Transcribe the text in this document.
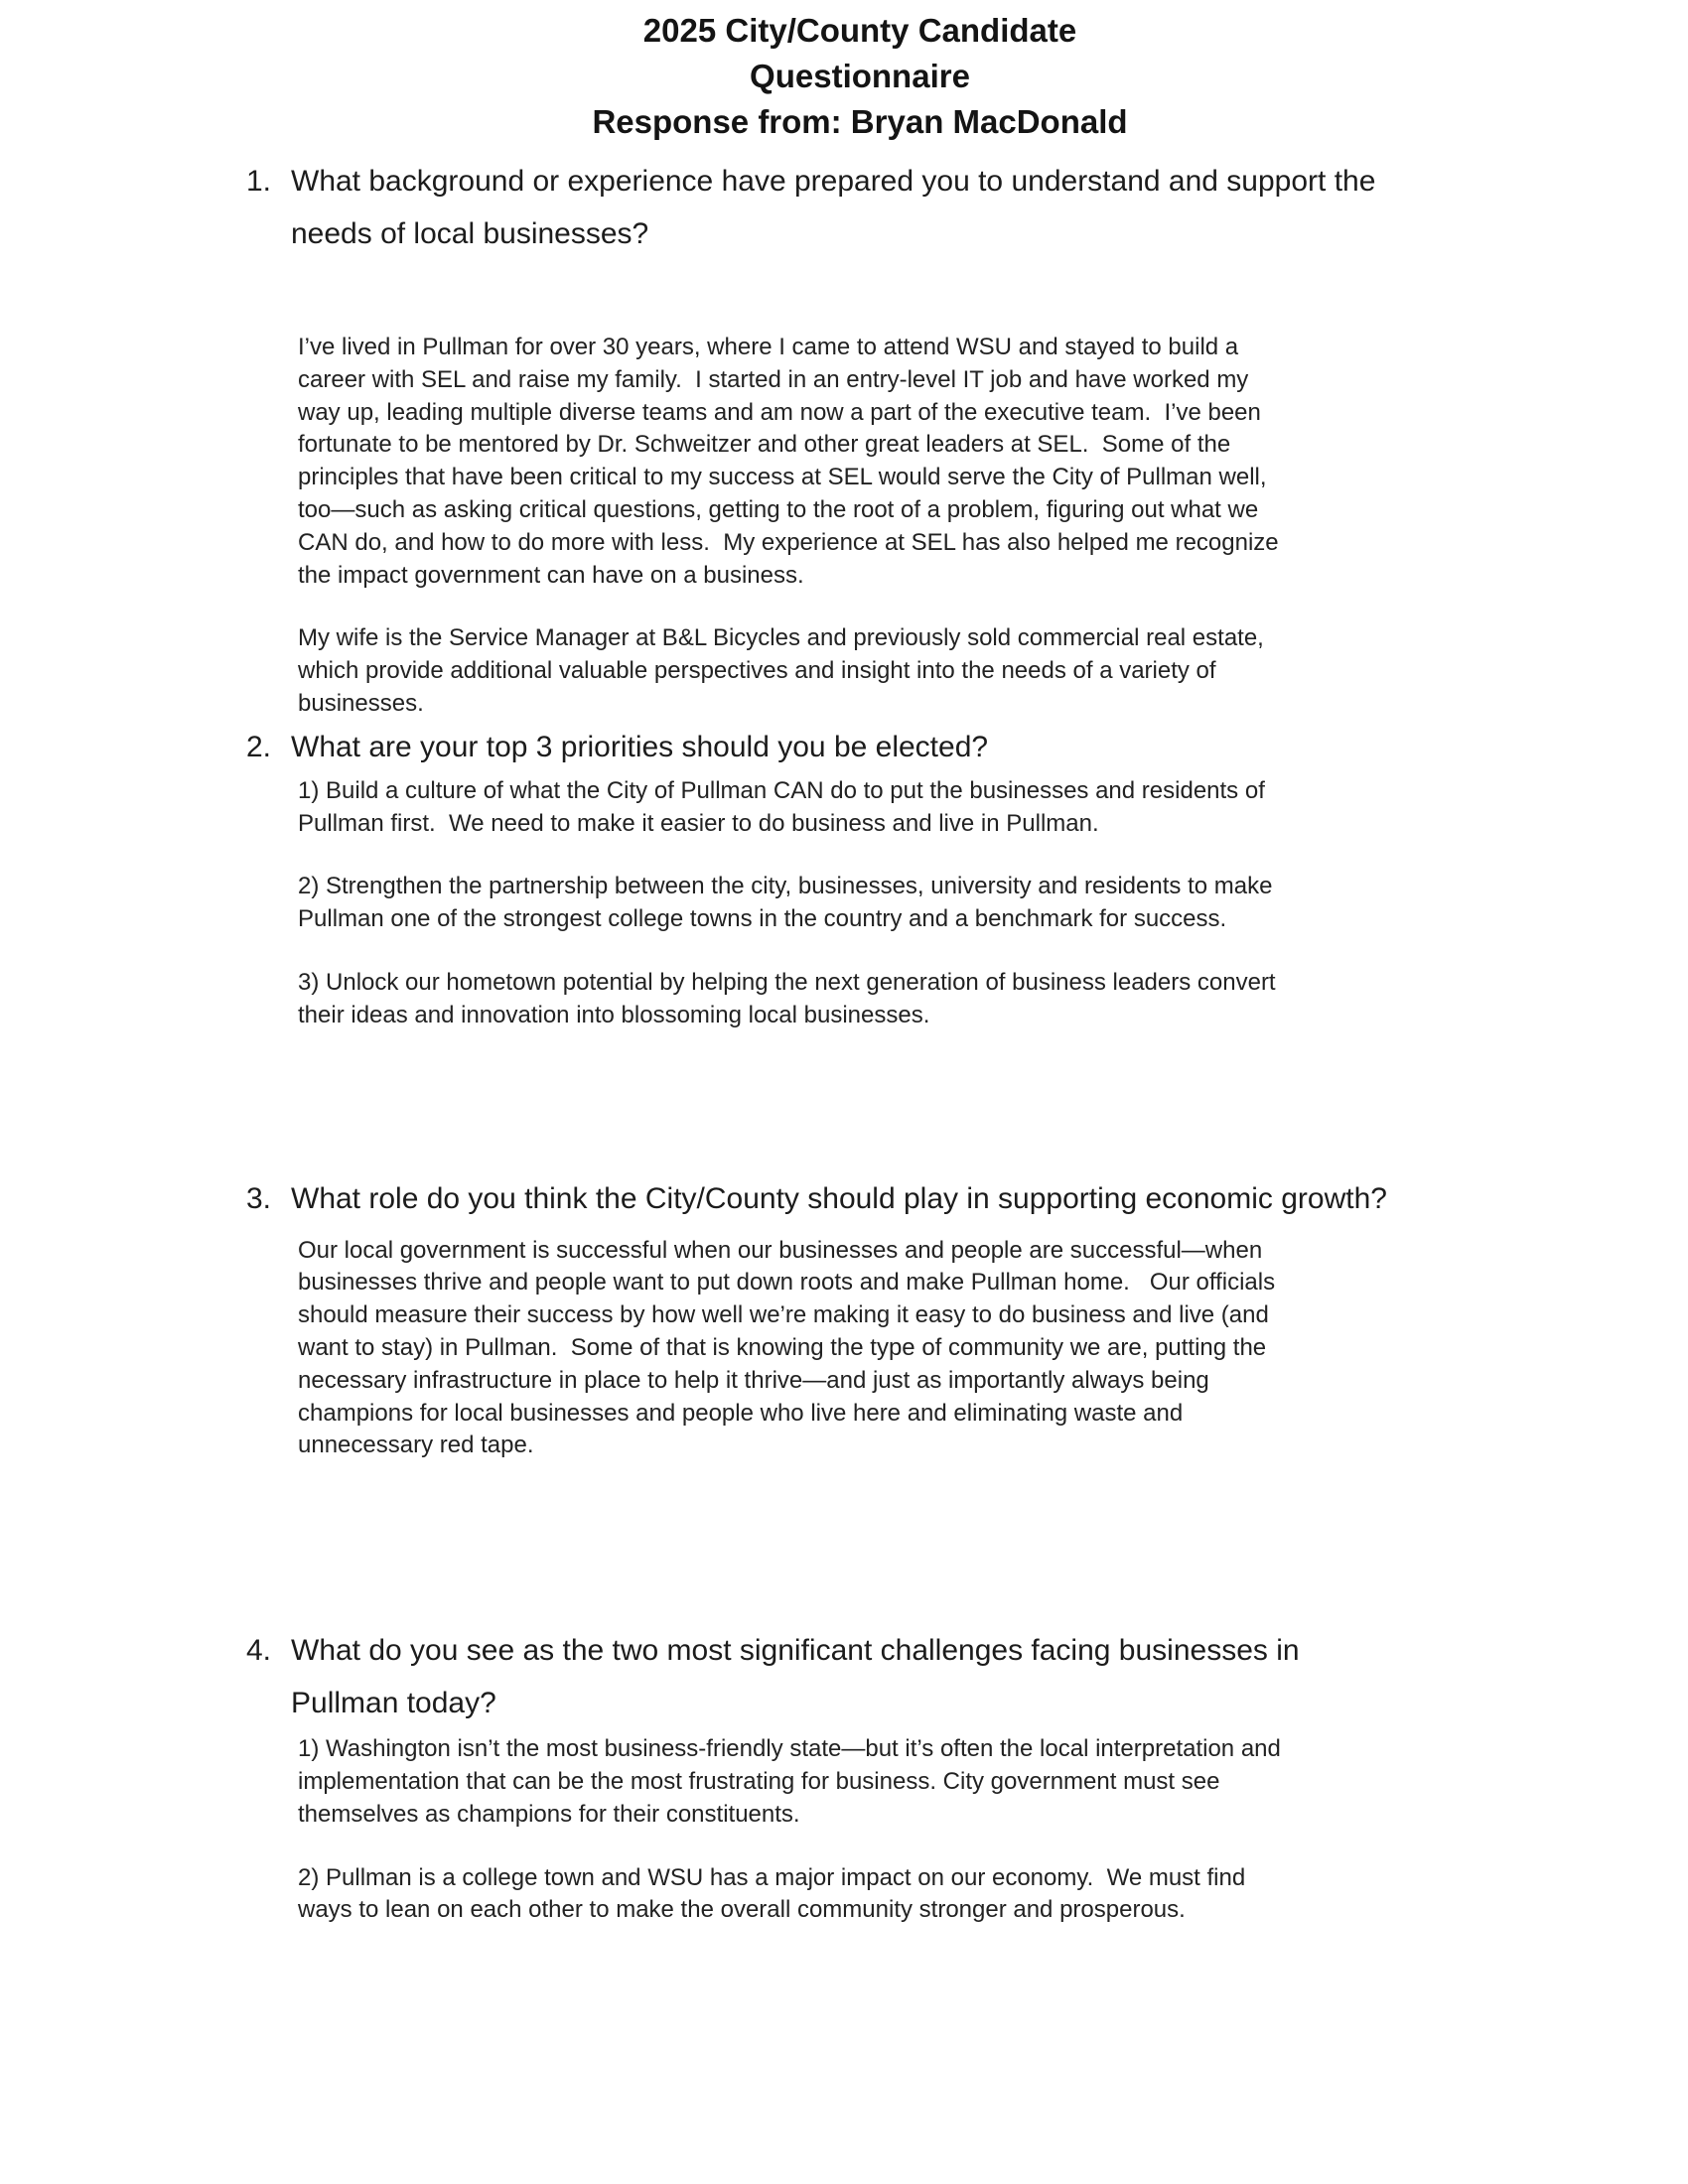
2025 City/County Candidate
Questionnaire
Response from: Bryan MacDonald
1. What background or experience have prepared you to understand and support the
needs of local businesses?
I’ve lived in Pullman for over 30 years, where I came to attend WSU and stayed to build a
career with SEL and raise my family.  I started in an entry-level IT job and have worked my
way up, leading multiple diverse teams and am now a part of the executive team.  I’ve been
fortunate to be mentored by Dr. Schweitzer and other great leaders at SEL.  Some of the
principles that have been critical to my success at SEL would serve the City of Pullman well,
too—such as asking critical questions, getting to the root of a problem, figuring out what we
CAN do, and how to do more with less.  My experience at SEL has also helped me recognize
the impact government can have on a business.
My wife is the Service Manager at B&L Bicycles and previously sold commercial real estate,
which provide additional valuable perspectives and insight into the needs of a variety of
businesses.
2. What are your top 3 priorities should you be elected?
1) Build a culture of what the City of Pullman CAN do to put the businesses and residents of
Pullman first.  We need to make it easier to do business and live in Pullman.
2) Strengthen the partnership between the city, businesses, university and residents to make
Pullman one of the strongest college towns in the country and a benchmark for success.
3) Unlock our hometown potential by helping the next generation of business leaders convert
their ideas and innovation into blossoming local businesses.
3. What role do you think the City/County should play in supporting economic growth?
Our local government is successful when our businesses and people are successful—when
businesses thrive and people want to put down roots and make Pullman home.   Our officials
should measure their success by how well we’re making it easy to do business and live (and
want to stay) in Pullman.  Some of that is knowing the type of community we are, putting the
necessary infrastructure in place to help it thrive—and just as importantly always being
champions for local businesses and people who live here and eliminating waste and
unnecessary red tape.
4. What do you see as the two most significant challenges facing businesses in
Pullman today?
1) Washington isn’t the most business-friendly state—but it’s often the local interpretation and
implementation that can be the most frustrating for business. City government must see
themselves as champions for their constituents.
2) Pullman is a college town and WSU has a major impact on our economy.  We must find
ways to lean on each other to make the overall community stronger and prosperous.
